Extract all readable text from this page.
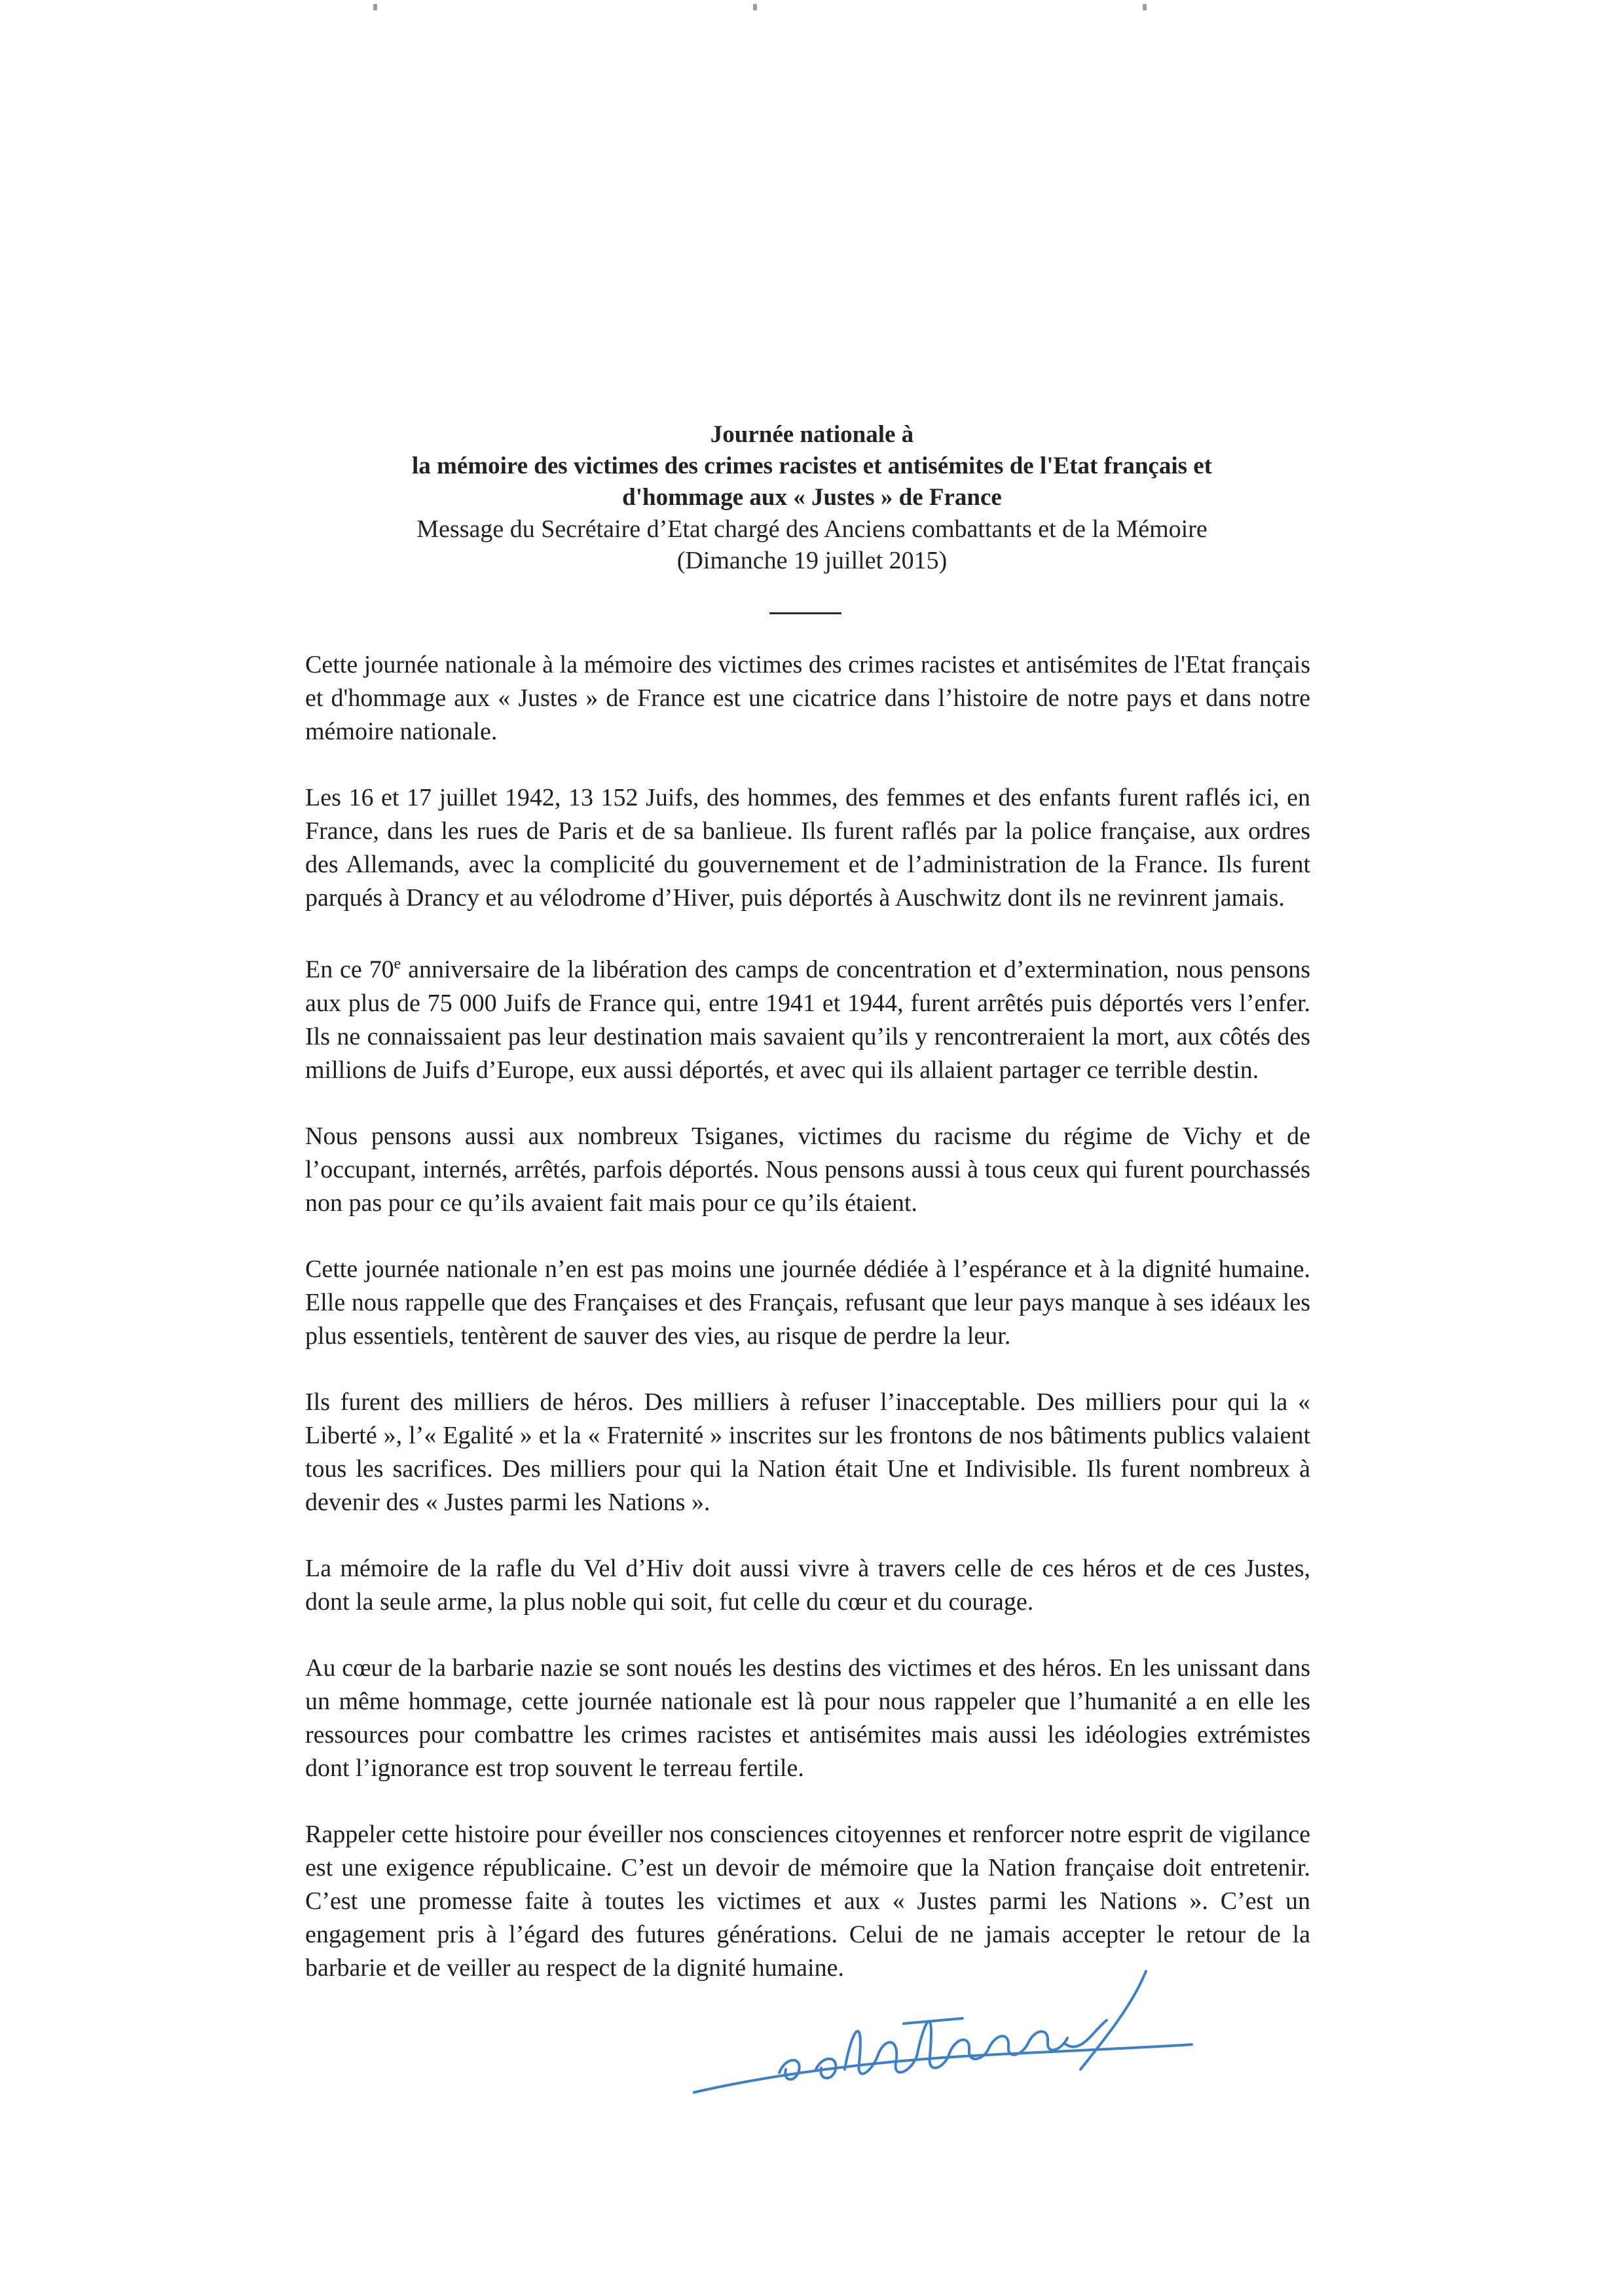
Journée nationale à
la mémoire des victimes des crimes racistes et antisémites de l'Etat français et
d'hommage aux « Justes » de France
Message du Secrétaire d’Etat chargé des Anciens combattants et de la Mémoire
(Dimanche 19 juillet 2015)

Cette journée nationale à la mémoire des victimes des crimes racistes et antisémites de l'Etat français et d'hommage aux « Justes » de France est une cicatrice dans l’histoire de notre pays et dans notre mémoire nationale.

Les 16 et 17 juillet 1942, 13 152 Juifs, des hommes, des femmes et des enfants furent raflés ici, en France, dans les rues de Paris et de sa banlieue. Ils furent raflés par la police française, aux ordres des Allemands, avec la complicité du gouvernement et de l’administration de la France. Ils furent parqués à Drancy et au vélodrome d’Hiver, puis déportés à Auschwitz dont ils ne revinrent jamais.

En ce 70e anniversaire de la libération des camps de concentration et d’extermination, nous pensons aux plus de 75 000 Juifs de France qui, entre 1941 et 1944, furent arrêtés puis déportés vers l’enfer. Ils ne connaissaient pas leur destination mais savaient qu’ils y rencontreraient la mort, aux côtés des millions de Juifs d’Europe, eux aussi déportés, et avec qui ils allaient partager ce terrible destin.

Nous pensons aussi aux nombreux Tsiganes, victimes du racisme du régime de Vichy et de l’occupant, internés, arrêtés, parfois déportés. Nous pensons aussi à tous ceux qui furent pourchassés non pas pour ce qu’ils avaient fait mais pour ce qu’ils étaient.

Cette journée nationale n’en est pas moins une journée dédiée à l’espérance et à la dignité humaine. Elle nous rappelle que des Françaises et des Français, refusant que leur pays manque à ses idéaux les plus essentiels, tentèrent de sauver des vies, au risque de perdre la leur.

Ils furent des milliers de héros. Des milliers à refuser l’inacceptable. Des milliers pour qui la « Liberté », l’« Egalité » et la « Fraternité » inscrites sur les frontons de nos bâtiments publics valaient tous les sacrifices. Des milliers pour qui la Nation était Une et Indivisible. Ils furent nombreux à devenir des « Justes parmi les Nations ».

La mémoire de la rafle du Vel d’Hiv doit aussi vivre à travers celle de ces héros et de ces Justes, dont la seule arme, la plus noble qui soit, fut celle du cœur et du courage.

Au cœur de la barbarie nazie se sont noués les destins des victimes et des héros. En les unissant dans un même hommage, cette journée nationale est là pour nous rappeler que l’humanité a en elle les ressources pour combattre les crimes racistes et antisémites mais aussi les idéologies extrémistes dont l’ignorance est trop souvent le terreau fertile.

Rappeler cette histoire pour éveiller nos consciences citoyennes et renforcer notre esprit de vigilance est une exigence républicaine. C’est un devoir de mémoire que la Nation française doit entretenir. C’est une promesse faite à toutes les victimes et aux « Justes parmi les Nations ». C’est un engagement pris à l’égard des futures générations. Celui de ne jamais accepter le retour de la barbarie et de veiller au respect de la dignité humaine.
